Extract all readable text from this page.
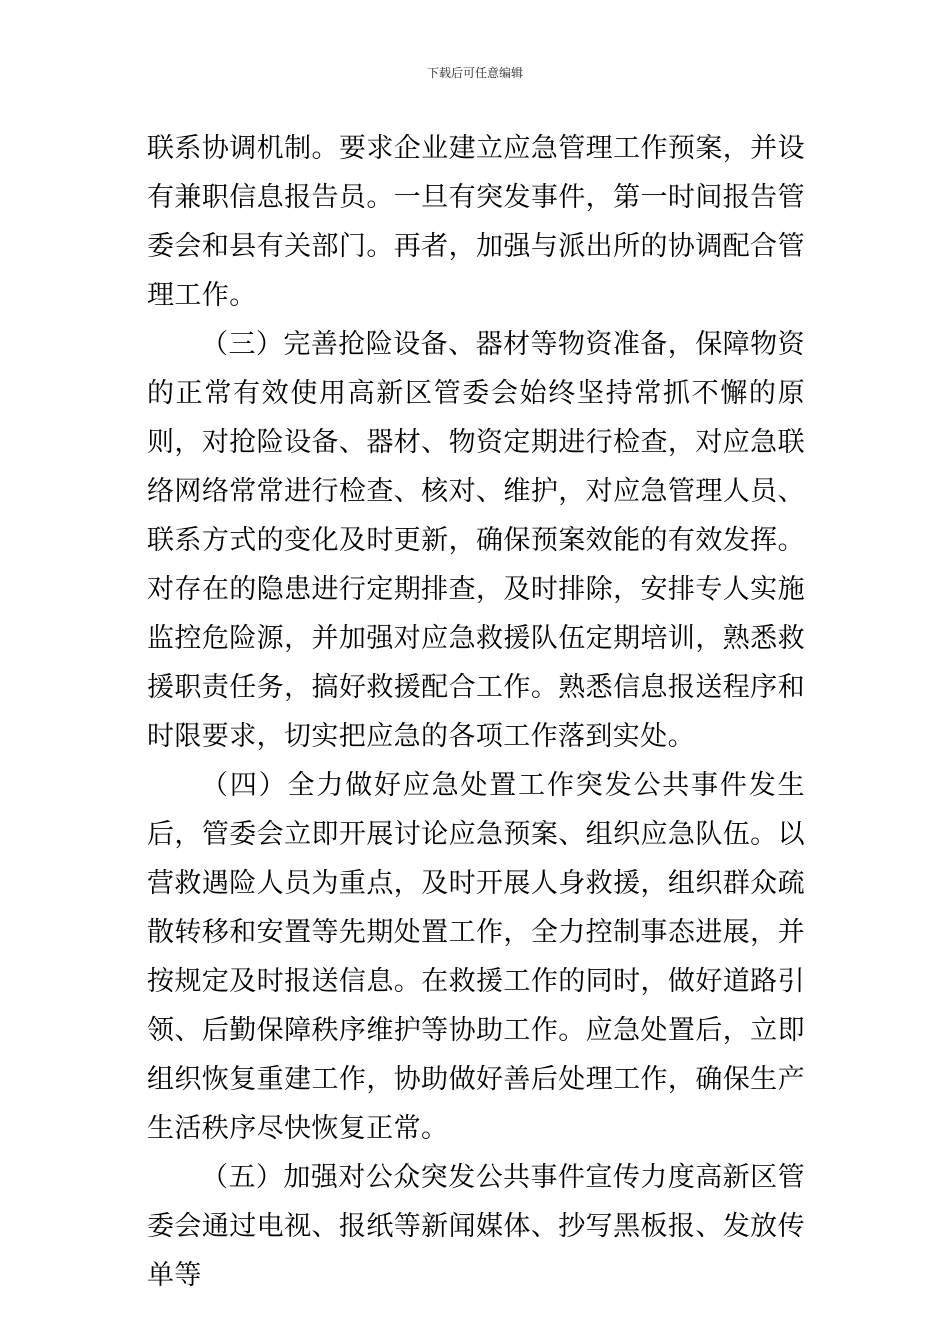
下载后可任意编辑

联系协调机制。要求企业建立应急管理工作预案，并设有兼职信息报告员。一旦有突发事件，第一时间报告管委会和县有关部门。再者，加强与派出所的协调配合管理工作。

（三）完善抢险设备、器材等物资准备，保障物资的正常有效使用高新区管委会始终坚持常抓不懈的原则，对抢险设备、器材、物资定期进行检查，对应急联络网络常常进行检查、核对、维护，对应急管理人员、联系方式的变化及时更新，确保预案效能的有效发挥。对存在的隐患进行定期排查，及时排除，安排专人实施监控危险源，并加强对应急救援队伍定期培训，熟悉救援职责任务，搞好救援配合工作。熟悉信息报送程序和时限要求，切实把应急的各项工作落到实处。

（四）全力做好应急处置工作突发公共事件发生后，管委会立即开展讨论应急预案、组织应急队伍。以营救遇险人员为重点，及时开展人身救援，组织群众疏散转移和安置等先期处置工作，全力控制事态进展，并按规定及时报送信息。在救援工作的同时，做好道路引领、后勤保障秩序维护等协助工作。应急处置后，立即组织恢复重建工作，协助做好善后处理工作，确保生产生活秩序尽快恢复正常。

（五）加强对公众突发公共事件宣传力度高新区管委会通过电视、报纸等新闻媒体、抄写黑板报、发放传单等
